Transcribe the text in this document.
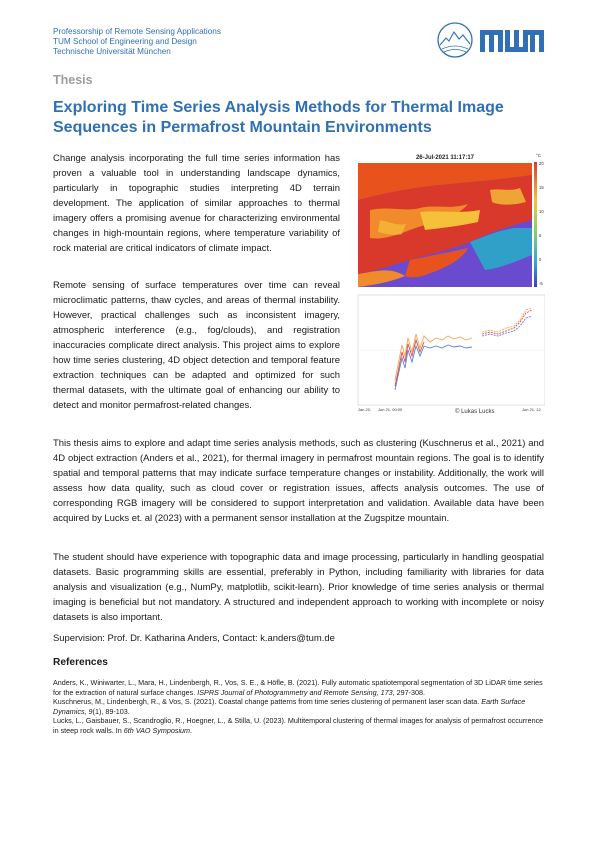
Professorship of Remote Sensing Applications
TUM School of Engineering and Design
Technische Universität München
Thesis
Exploring Time Series Analysis Methods for Thermal Image Sequences in Permafrost Mountain Environments

Change analysis incorporating the full time series information has proven a valuable tool in understanding landscape dynamics, particularly in topographic studies interpreting 4D terrain development. The application of similar approaches to thermal imagery offers a promising avenue for characterizing environmental changes in high-mountain regions, where temperature variability of rock material are critical indicators of climate impact.

Remote sensing of surface temperatures over time can reveal microclimatic patterns, thaw cycles, and areas of thermal instability. However, practical challenges such as inconsistent imagery, atmospheric interference (e.g., fog/clouds), and registration inaccuracies complicate direct analysis. This project aims to explore how time series clustering, 4D object detection and temporal feature extraction techniques can be adapted and optimized for such thermal datasets, with the ultimate goal of enhancing our ability to detect and monitor permafrost-related changes.

26-Jul-2021 11:17:17	°C
20
15
10
5
0
-5
Jan 20, Jun 21, 00:00	Jun 21, 12
© Lukas Lucks

This thesis aims to explore and adapt time series analysis methods, such as clustering (Kuschnerus et al., 2021) and 4D object extraction (Anders et al., 2021), for thermal imagery in permafrost mountain regions. The goal is to identify spatial and temporal patterns that may indicate surface temperature changes or instability. Additionally, the work will assess how data quality, such as cloud cover or registration issues, affects analysis outcomes. The use of corresponding RGB imagery will be considered to support interpretation and validation. Available data have been acquired by Lucks et. al (2023) with a permanent sensor installation at the Zugspitze mountain.

The student should have experience with topographic data and image processing, particularly in handling geospatial datasets. Basic programming skills are essential, preferably in Python, including familiarity with libraries for data analysis and visualization (e.g., NumPy, matplotlib, scikit-learn). Prior knowledge of time series analysis or thermal imaging is beneficial but not mandatory. A structured and independent approach to working with incomplete or noisy datasets is also important.

Supervision: Prof. Dr. Katharina Anders, Contact: k.anders@tum.de

References

Anders, K., Winiwarter, L., Mara, H., Lindenbergh, R., Vos, S. E., & Höfle, B. (2021). Fully automatic spatiotemporal segmentation of 3D LiDAR time series for the extraction of natural surface changes. ISPRS Journal of Photogrammetry and Remote Sensing, 173, 297-308.

Kuschnerus, M., Lindenbergh, R., & Vos, S. (2021). Coastal change patterns from time series clustering of permanent laser scan data. Earth Surface Dynamics, 9(1), 89-103.

Lucks, L., Gaisbauer, S., Scandroglio, R., Hoegner, L., & Stilla, U. (2023). Multitemporal clustering of thermal images for analysis of permafrost occurrence in steep rock walls. In 6th VAO Symposium.
